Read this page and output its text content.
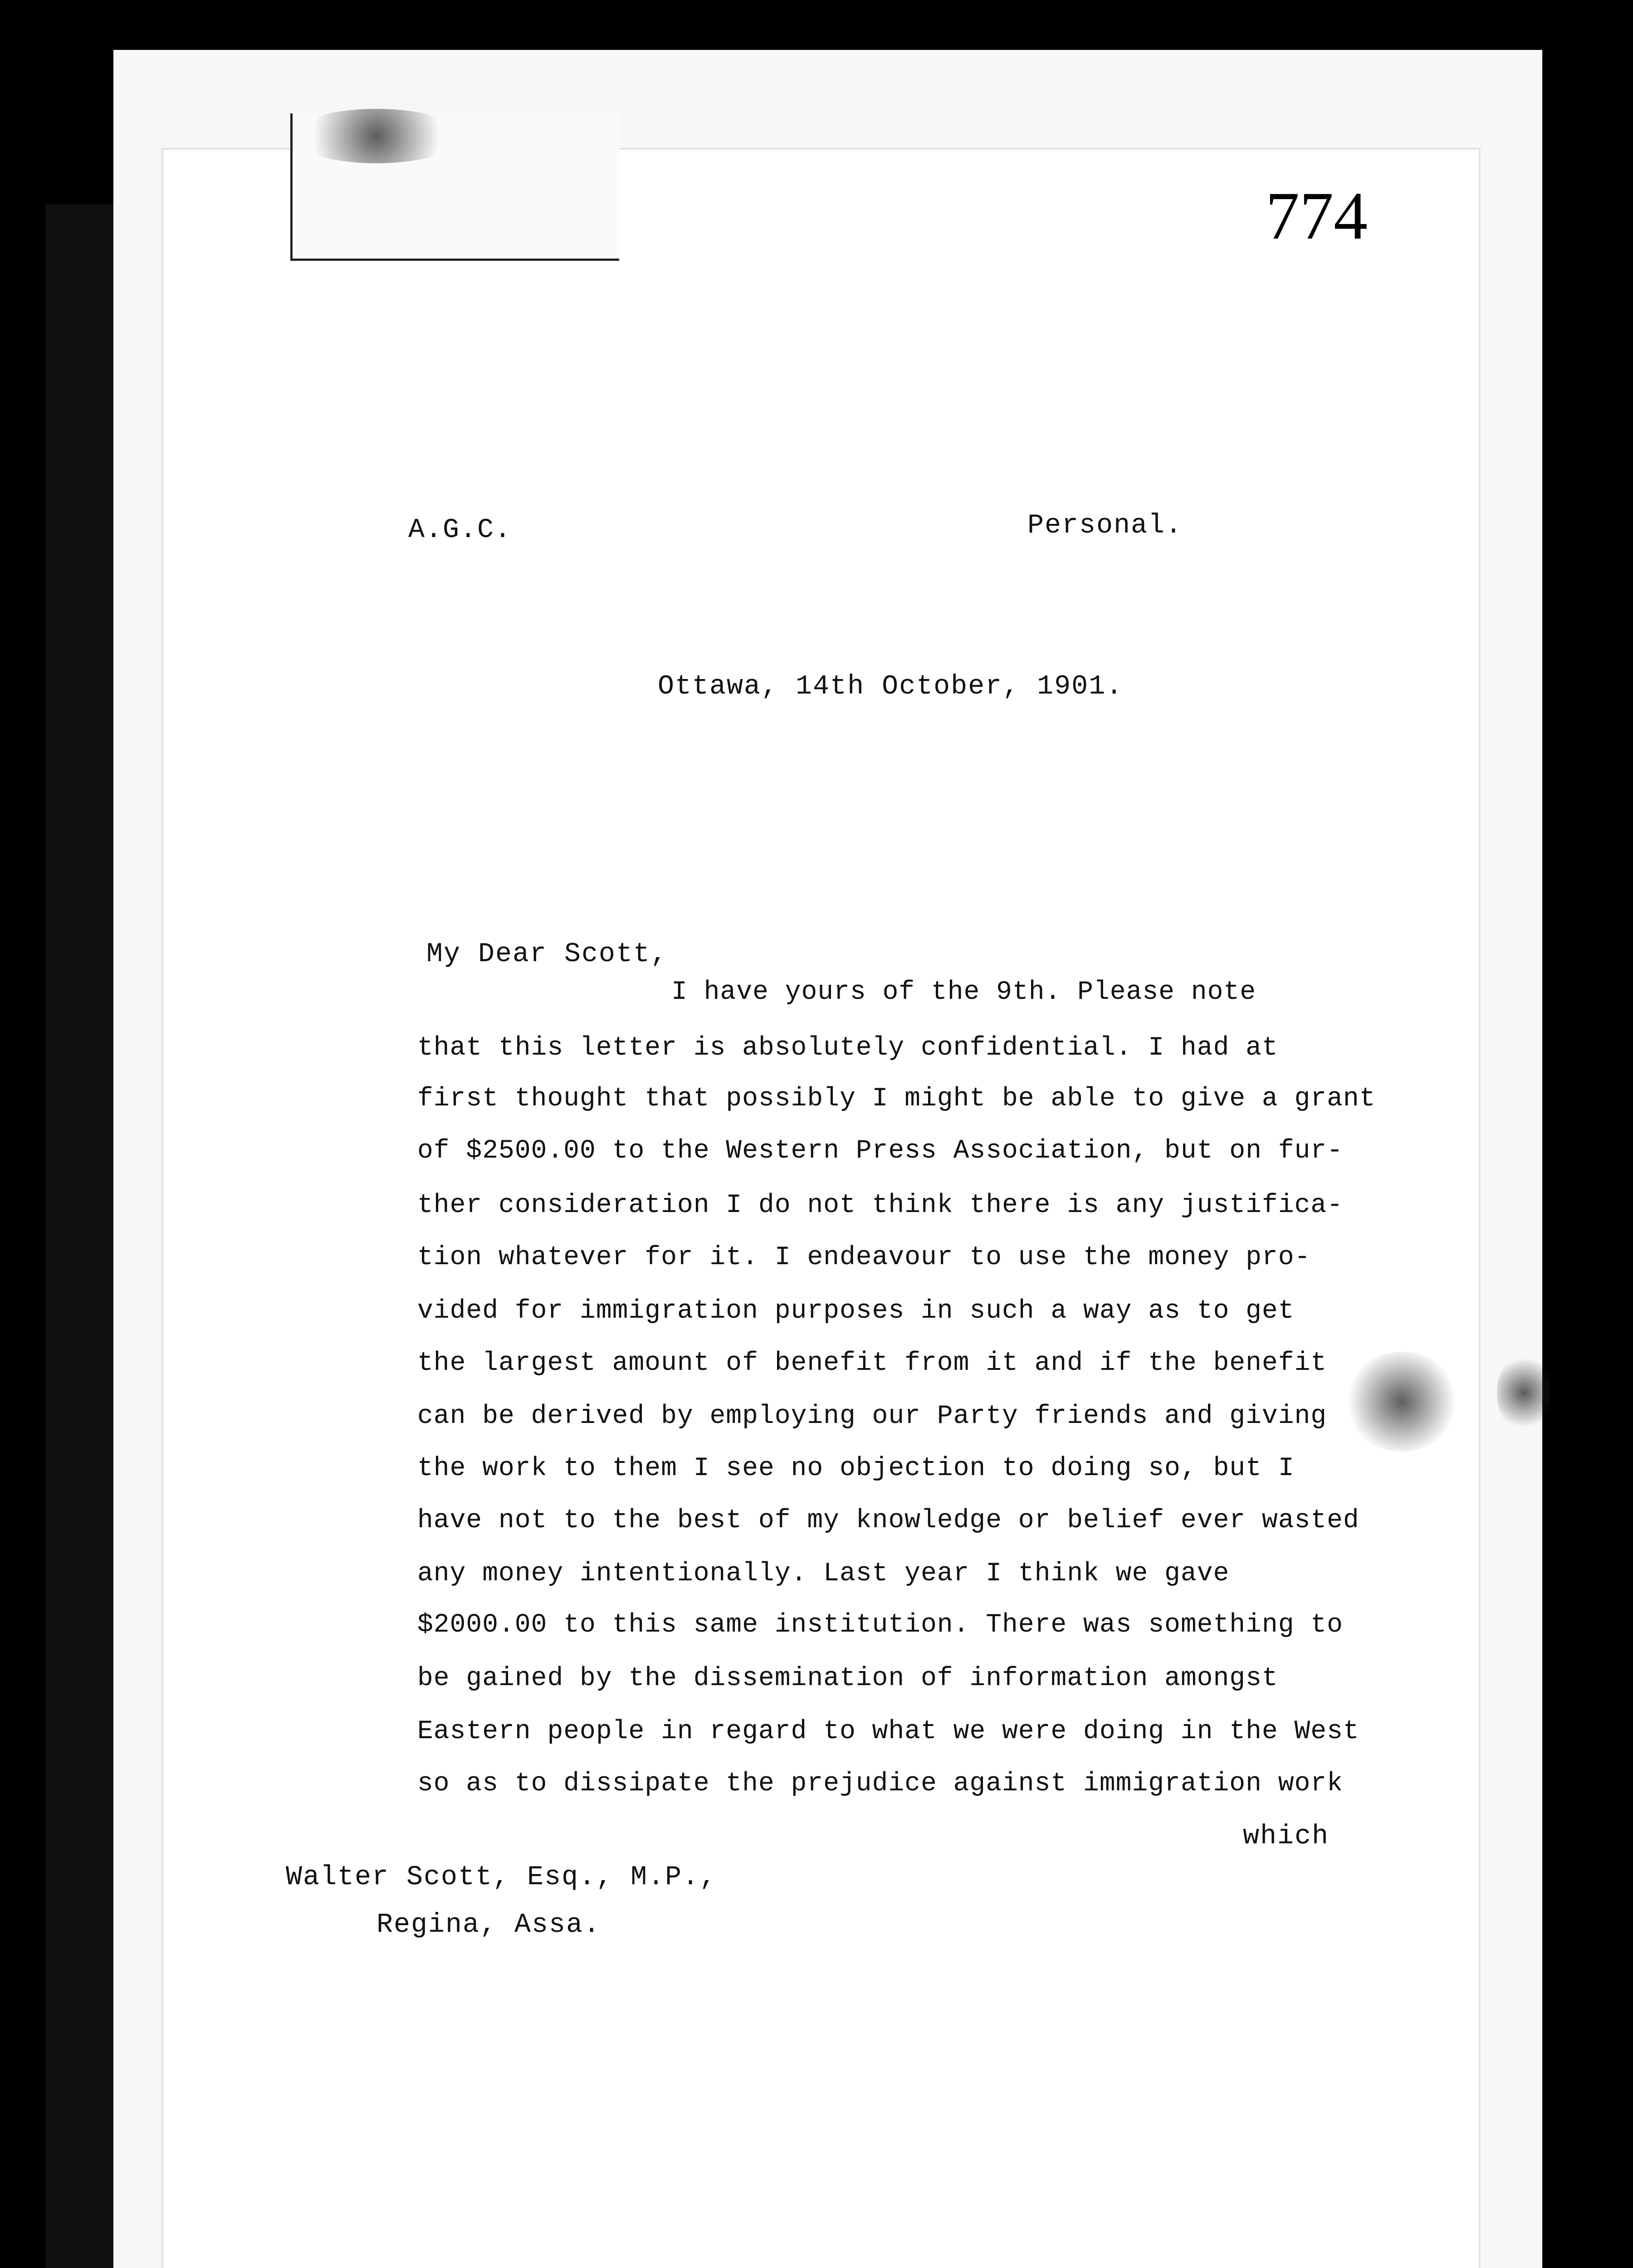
774
A.G.C.	Personal.
Ottawa, 14th October, 1901.
My Dear Scott,
I have yours of the 9th. Please note
that this letter is absolutely confidential. I had at
first thought that possibly I might be able to give a grant
of $2500.00 to the Western Press Association, but on fur-
ther consideration I do not think there is any justifica-
tion whatever for it. I endeavour to use the money pro-
vided for immigration purposes in such a way as to get
the largest amount of benefit from it and if the benefit
can be derived by employing our Party friends and giving
the work to them I see no objection to doing so, but I
have not to the best of my knowledge or belief ever wasted
any money intentionally. Last year I think we gave
$2000.00 to this same institution. There was something to
be gained by the dissemination of information amongst
Eastern people in regard to what we were doing in the West
so as to dissipate the prejudice against immigration work
which
Walter Scott, Esq., M.P.,
Regina, Assa.
